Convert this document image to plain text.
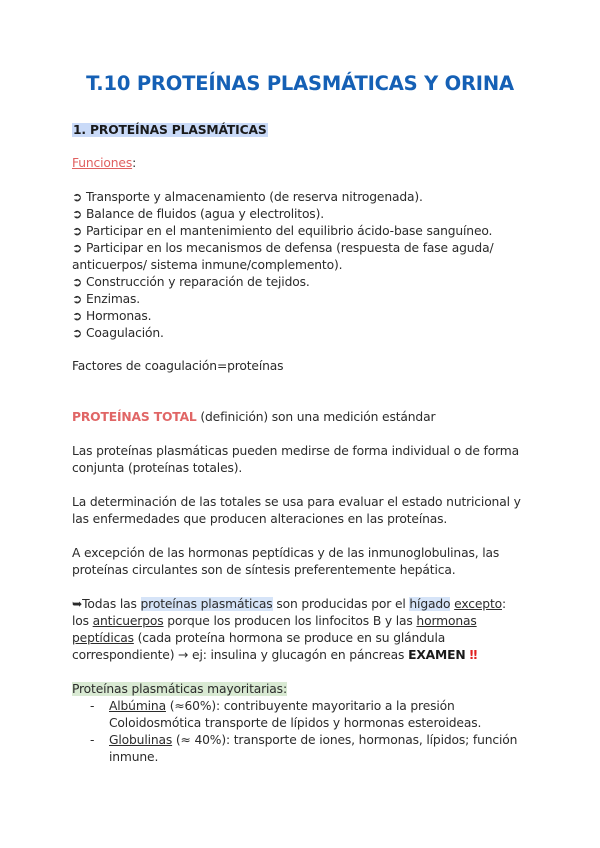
T.10 PROTEÍNAS PLASMÁTICAS Y ORINA
1. PROTEÍNAS PLASMÁTICAS
Funciones:
➲ Transporte y almacenamiento (de reserva nitrogenada).
➲ Balance de fluidos (agua y electrolitos).
➲ Participar en el mantenimiento del equilibrio ácido-base sanguíneo.
➲ Participar en los mecanismos de defensa (respuesta de fase aguda/
anticuerpos/ sistema inmune/complemento).
➲ Construcción y reparación de tejidos.
➲ Enzimas.
➲ Hormonas.
➲ Coagulación.
Factores de coagulación=proteínas
PROTEÍNAS TOTAL (definición) son una medición estándar
Las proteínas plasmáticas pueden medirse de forma individual o de forma
conjunta (proteínas totales).
La determinación de las totales se usa para evaluar el estado nutricional y
las enfermedades que producen alteraciones en las proteínas.
A excepción de las hormonas peptídicas y de las inmunoglobulinas, las
proteínas circulantes son de síntesis preferentemente hepática.
➥Todas las proteínas plasmáticas son producidas por el hígado excepto:
los anticuerpos porque los producen los linfocitos B y las hormonas
peptídicas (cada proteína hormona se produce en su glándula
correspondiente) → ej: insulina y glucagón en páncreas EXAMEN ‼
Proteínas plasmáticas mayoritarias:
- Albúmina (≈60%): contribuyente mayoritario a la presión
Coloidosmótica transporte de lípidos y hormonas esteroideas.
- Globulinas (≈ 40%): transporte de iones, hormonas, lípidos; función
inmune.
